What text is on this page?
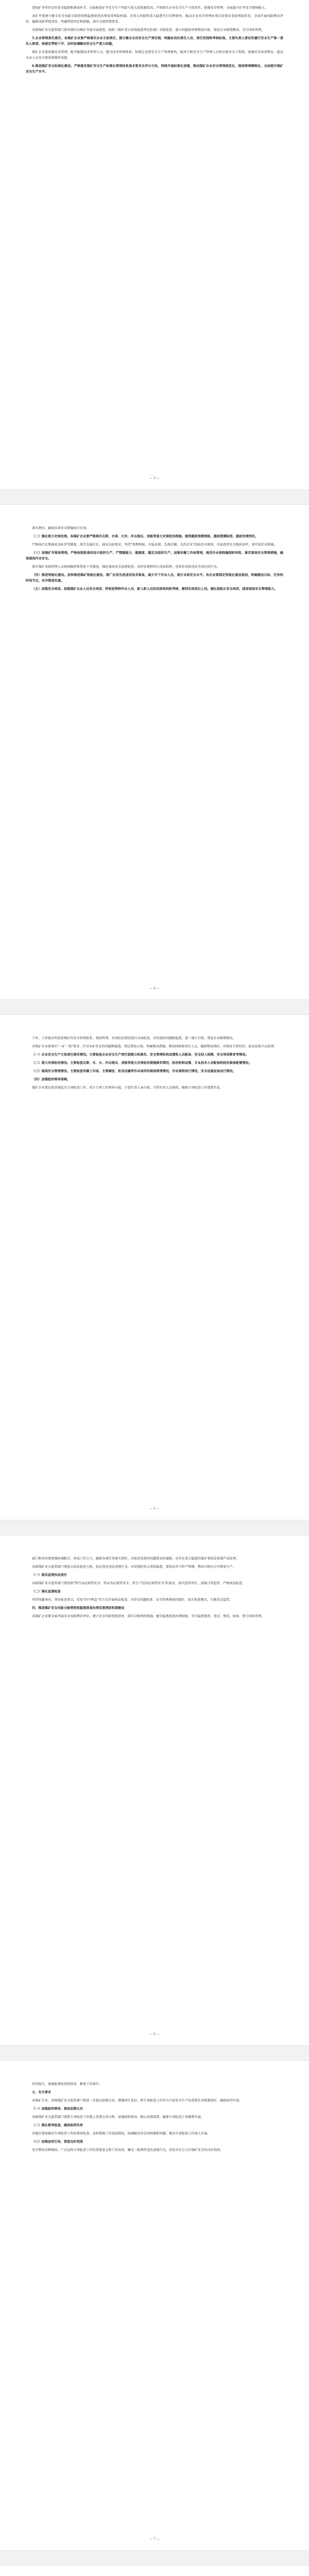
查找矿井所存在的安全隐患和薄弱环节。全面核查矿井安全生产风险与重大危险源状况，严格落实企业安全生产主体责任，加强安全管理，全面提升矿井安全保障能力。

各矿井要建立健全安全风险分级管控和隐患排查治理双重预防机制，对重大风险和重大隐患实行挂牌督办，推动企业安全管理由事后处置向事前预防转变。全面开展风险辨识评估，编制风险管控清单，明确管控责任和措施，落实分级管控要求。

各级煤矿安全监管部门要对辖区内煤矿开展全面排查，按照《煤矿重大事故隐患判定标准》对照检查，建立问题清单和整改台账，督促企业限期整改，实行闭环管理。

5.企业管理责任落实。各煤矿企业要严格落实企业主体责任，建立健全全员安全生产责任制，明确各岗位责任人员、责任范围和考核标准。主要负责人要切实履行安全生产第一责任人职责，按规定带班下井，及时协调解决安全生产重大问题。

煤矿企业要加强技术管理，配齐配强技术管理人员，健全技术管理体系。按规定设置安全生产管理机构，配备专职安全生产管理人员和注册安全工程师，加强安全培训教育，提高从业人员安全素质和操作技能。

6.推进煤矿安全标准化建设。严格落实煤矿安全生产标准化管理体系基本要求及评分方法，持续开展标准化创建，推动煤矿企业安全管理规范化、现场管理精细化，全面提升煤矿安全生产水平。

— 3 —

落实到位，确保各项安全措施执行有效。

（二）强化重大灾害治理。各煤矿企业要严格落实瓦斯、水害、火灾、冲击地压、顶板等重大灾害防治措施，做到超前预测预报、超前探测防控、超前治理到位。

严格执行瓦斯抽采达标评判制度，落实先抽后采、抽采达标要求。坚持"预测预报、有疑必探、先探后掘、先治后采"的防治水原则，全面查清水文地质条件，落实防治水措施。

（三）加强矿井现场管理。严格按照批准的设计组织生产，严禁超能力、超强度、超定员组织生产。加强采掘工作面管理，规范作业规程编制和审批，落实现场安全管理措施，确保现场作业安全。

落实煤矿各级管理人员现场跟班和带班下井制度，强化现场安全监督检查，及时发现和纠正违章指挥、违章作业和违反劳动纪律行为。

（四）推进智能化建设。加快推进煤矿智能化建设，推广应用先进适用技术装备，减少井下作业人员，提升本质安全水平。各企业要制定智能化建设规划，明确建设目标、任务和时间节点，有序推进实施。

（五）加强安全培训。加强煤矿从业人员安全培训，特别是特种作业人员、新入职人员的岗前培训和考核，做到先培训后上岗。强化班组长安全培训，提高现场安全管理能力。

— 4 —

工作。工作组对所检查煤矿的安全管理体系、现场管理、灾害防治情况进行全面检查，对发现的问题和隐患，逐一建立台账，督促企业限期整改。

各煤矿企业要落实"一矿一策"要求，针对本矿存在的问题和隐患，制定整改方案，明确整改措施、整改时限和责任人员，确保整改到位。对整改不到位的，依法依规予以处理。

（一）企业安全生产主体责任落实情况。主要检查企业安全生产责任制建立和落实、安全管理机构设置和人员配备、安全投入保障、安全培训教育等情况。

（二）重大灾害防治情况。主要检查瓦斯、水、火、冲击地压、顶板等重大灾害防治措施落实情况，防治机构设置、专业技术人员配备和防治装备配置情况。

（三）现场安全管理情况。主要检查采掘工作面、主要硐室、机电运输等作业场所的现场管理情况，作业规程执行情况，安全设施设备运行情况。

（四）加强组织领导保障。

煤矿企业要高度重视此次专项检查工作，成立专项工作领导小组，主要负责人亲自抓，分管负责人具体抓，确保专项检查工作落到实处。

— 5 —

部门和单位要加强协调配合，形成工作合力，确保各项任务落实到位。对检查发现的问题要及时通报，对存在重大隐患的煤矿要依法依规严肃处理。

各级煤矿安全监管部门要加大执法检查力度，依法查处违法违规行为。对发现的重大事故隐患，要依法责令停产整顿，整改合格后方可恢复生产。

（一）落实监管执法责任

各级煤矿安全监管部门要按照"管行业必须管安全、管业务必须管安全、管生产经营必须管安全"的要求，落实监管责任，加强日常监管，严格执法检查。

（二）强化监督检查

坚持问题导向，突出检查重点，采取"四不两直"等方式开展执法检查，对存在问题较多、安全管理薄弱的煤矿，加大检查频次，实施重点监管。

四、推进煤矿安全风险分级管控和隐患排查治理双重预防机制建设

各煤矿企业要全面开展安全风险辨识评估，建立安全风险管控清单，落实分级管控措施。健全隐患排查治理制度，实行隐患排查、登记、整改、验收、销号闭环管理。

— 6 —

评估报告，加强监督检查和指导，推进工作落实。

五、有关要求

各煤矿企业、各级煤矿安全监管部门要进一步提高思想认识，增强责任意识，把专项检查工作作为当前安全生产的重要任务抓紧抓好，确保取得实效。

（一）加强组织领导，提高思想认识

各级煤矿安全监管部门要把专项检查工作摆上重要议事日程，加强组织领导，精心安排部署，确保专项检查工作顺利开展。

（二）强化督导检查，确保取得实效

各地区要加强对专项检查工作的督导检查，及时掌握工作进展情况，协调解决存在的困难和问题，推动专项检查工作深入开展。

（三）加强宣传引导，营造良好氛围

充分利用各种媒体，广泛宣传专项检查工作的重要意义和工作成效，曝光一批典型违法违规行为，营造全社会关注煤矿安全的良好氛围。

— 7 —
